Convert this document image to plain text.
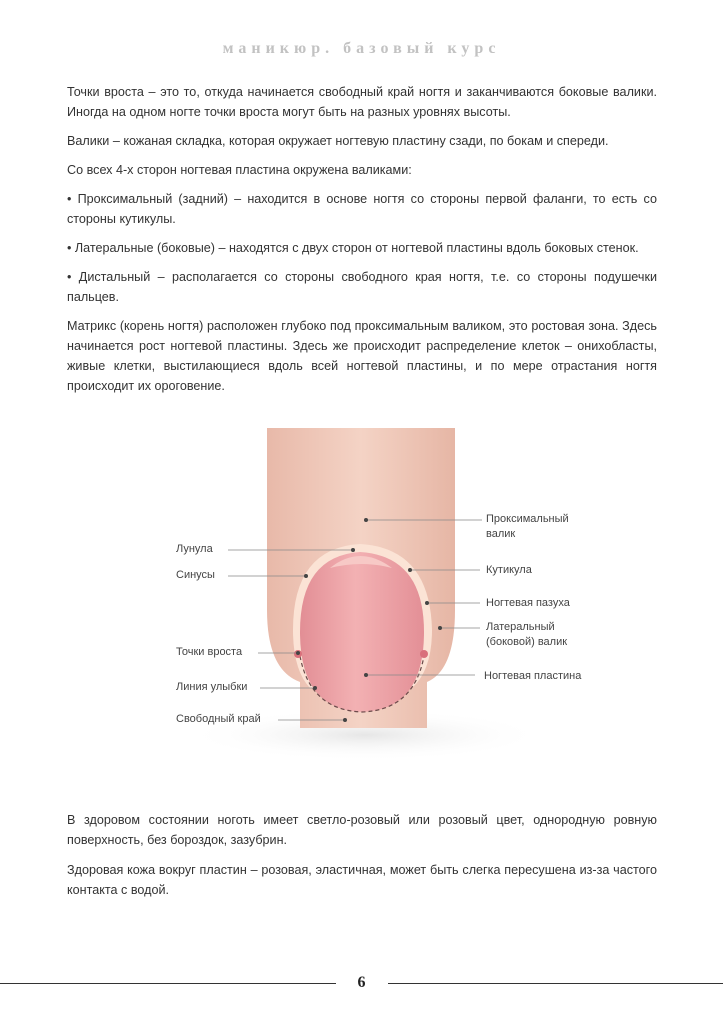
маникюр. базовый курс

Точки вроста – это то, откуда начинается свободный край ногтя и заканчиваются боковые валики. Иногда на одном ногте точки вроста могут быть на разных уровнях высоты.

Валики – кожаная складка, которая окружает ногтевую пластину сзади, по бокам и спереди.

Со всех 4-х сторон ногтевая пластина окружена валиками:

• Проксимальный (задний) – находится в основе ногтя со стороны первой фаланги, то есть со стороны кутикулы.

• Латеральные (боковые) – находятся с двух сторон от ногтевой пластины вдоль боковых стенок.

• Дистальный – располагается со стороны свободного края ногтя, т.е. со стороны подушечки пальцев.

Матрикс (корень ногтя) расположен глубоко под проксимальным валиком, это ростовая зона. Здесь начинается рост ногтевой пластины. Здесь же происходит распределение клеток – онихобласты, живые клетки, выстилающиеся вдоль всей ногтевой пластины, и по мере отрастания ногтя происходит их ороговение.

Лунула
Синусы
Точки вроста
Линия улыбки
Свободный край
Проксимальный
валик
Кутикула
Ногтевая пазуха
Латеральный
(боковой) валик
Ногтевая пластина

В здоровом состоянии ноготь имеет светло-розовый или розовый цвет, однородную ровную поверхность, без бороздок, зазубрин.

Здоровая кожа вокруг пластин – розовая, эластичная, может быть слегка пересушена из-за частого контакта с водой.

6
